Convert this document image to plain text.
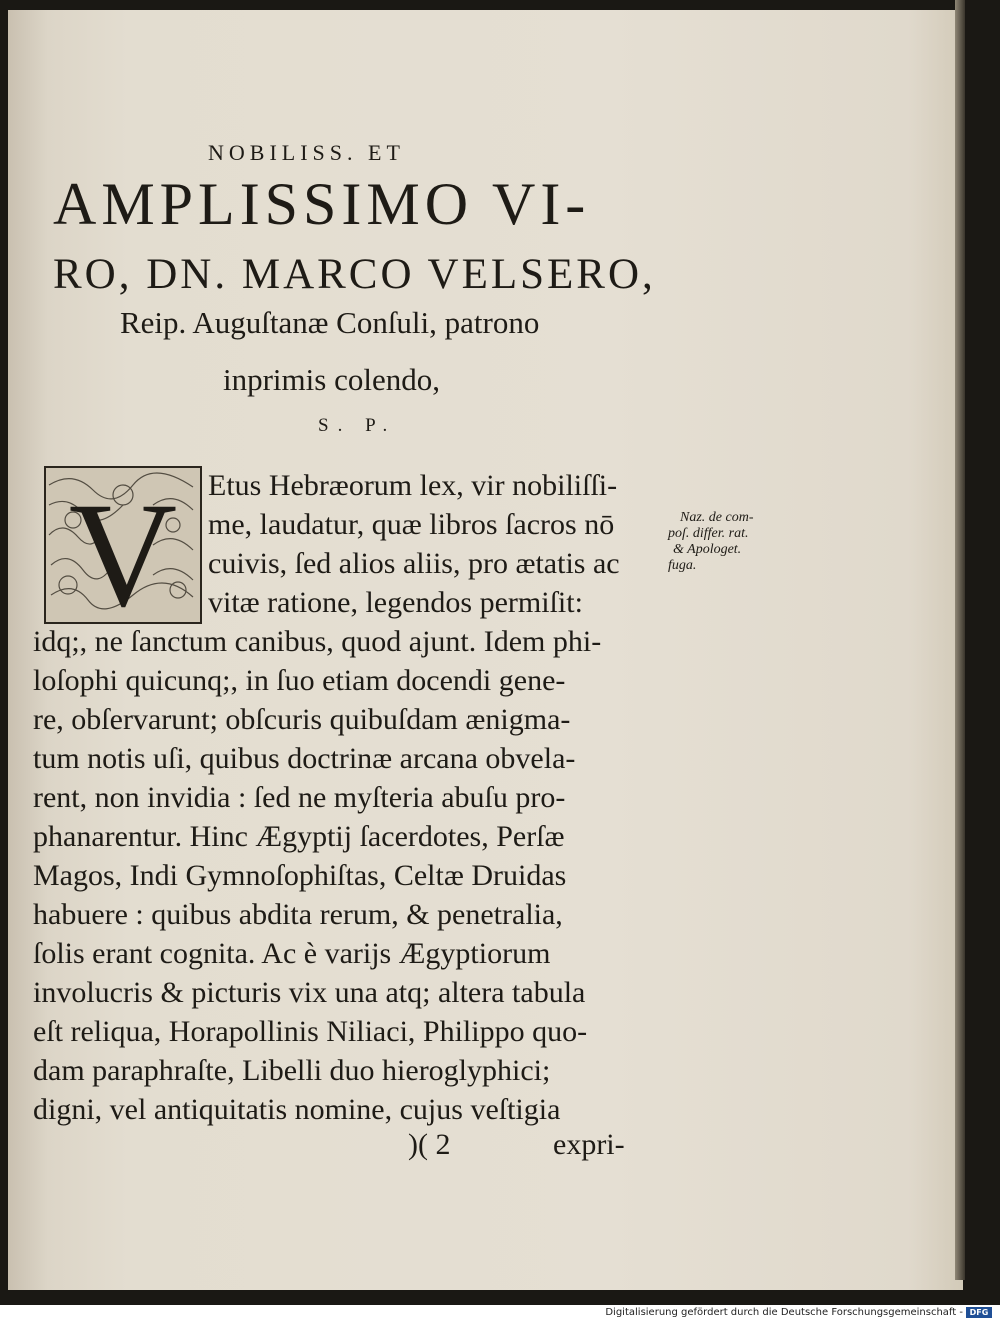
NOBILISS. ET
AMPLISSIMO VI-
RO, DN. MARCO VELSERO,
Reip. Auguſtanæ Conſuli, patrono
inprimis colendo,
S. P.
V Etus Hebræorum lex, vir nobiliſſi-
me, laudatur, quæ libros ſacros nō
cuivis, ſed alios aliis, pro ætatis ac
vitæ ratione, legendos permiſit:
idq;, ne ſanctum canibus, quod ajunt. Idem phi-
loſophi quicunq;, in ſuo etiam docendi gene-
re, obſervarunt; obſcuris quibuſdam ænigma-
tum notis uſi, quibus doctrinæ arcana obvela-
rent, non invidia : ſed ne myſteria abuſu pro-
phanarentur. Hinc Ægyptij ſacerdotes, Perſæ
Magos, Indi Gymnoſophiſtas, Celtæ Druidas
habuere : quibus abdita rerum, & penetralia,
ſolis erant cognita. Ac è varijs Ægyptiorum
involucris & picturis vix una atq; altera tabula
eſt reliqua, Horapollinis Niliaci, Philippo quo-
dam paraphraſte, Libelli duo hieroglyphici;
digni, vel antiquitatis nomine, cujus veſtigia
Naz. de com-
poſ. differ. rat.
& Apologet.
fuga.
)( 2	expri-
Digitalisierung gefördert durch die Deutsche Forschungsgemeinschaft - DFG
